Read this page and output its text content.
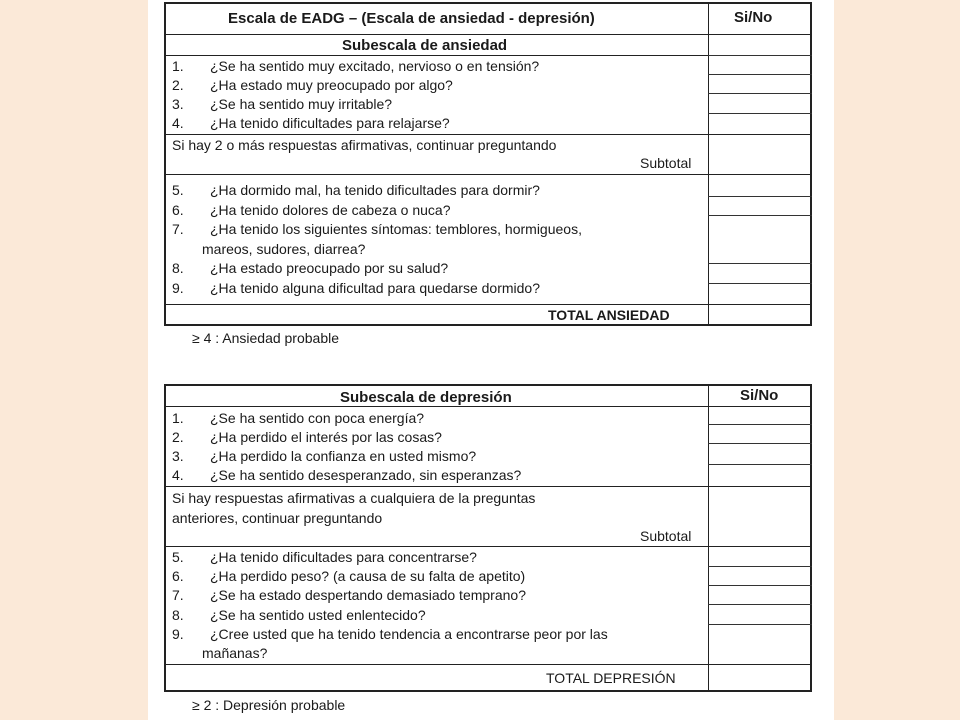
Escala de EADG – (Escala de ansiedad - depresión)	Si/No
Subescala de ansiedad
1. ¿Se ha sentido muy excitado, nervioso o en tensión?
2. ¿Ha estado muy preocupado por algo?
3. ¿Se ha sentido muy irritable?
4. ¿Ha tenido dificultades para relajarse?
Si hay 2 o más respuestas afirmativas, continuar preguntando
Subtotal
5. ¿Ha dormido mal, ha tenido dificultades para dormir?
6. ¿Ha tenido dolores de cabeza o nuca?
7. ¿Ha tenido los siguientes síntomas: temblores, hormigueos,
mareos, sudores, diarrea?
8. ¿Ha estado preocupado por su salud?
9. ¿Ha tenido alguna dificultad para quedarse dormido?
TOTAL ANSIEDAD
≥ 4 : Ansiedad probable
Subescala de depresión	Si/No
1. ¿Se ha sentido con poca energía?
2. ¿Ha perdido el interés por las cosas?
3. ¿Ha perdido la confianza en usted mismo?
4. ¿Se ha sentido desesperanzado, sin esperanzas?
Si hay respuestas afirmativas a cualquiera de la preguntas
anteriores, continuar preguntando
Subtotal
5. ¿Ha tenido dificultades para concentrarse?
6. ¿Ha perdido peso? (a causa de su falta de apetito)
7. ¿Se ha estado despertando demasiado temprano?
8. ¿Se ha sentido usted enlentecido?
9. ¿Cree usted que ha tenido tendencia a encontrarse peor por las
mañanas?
TOTAL DEPRESIÓN
≥ 2 : Depresión probable
